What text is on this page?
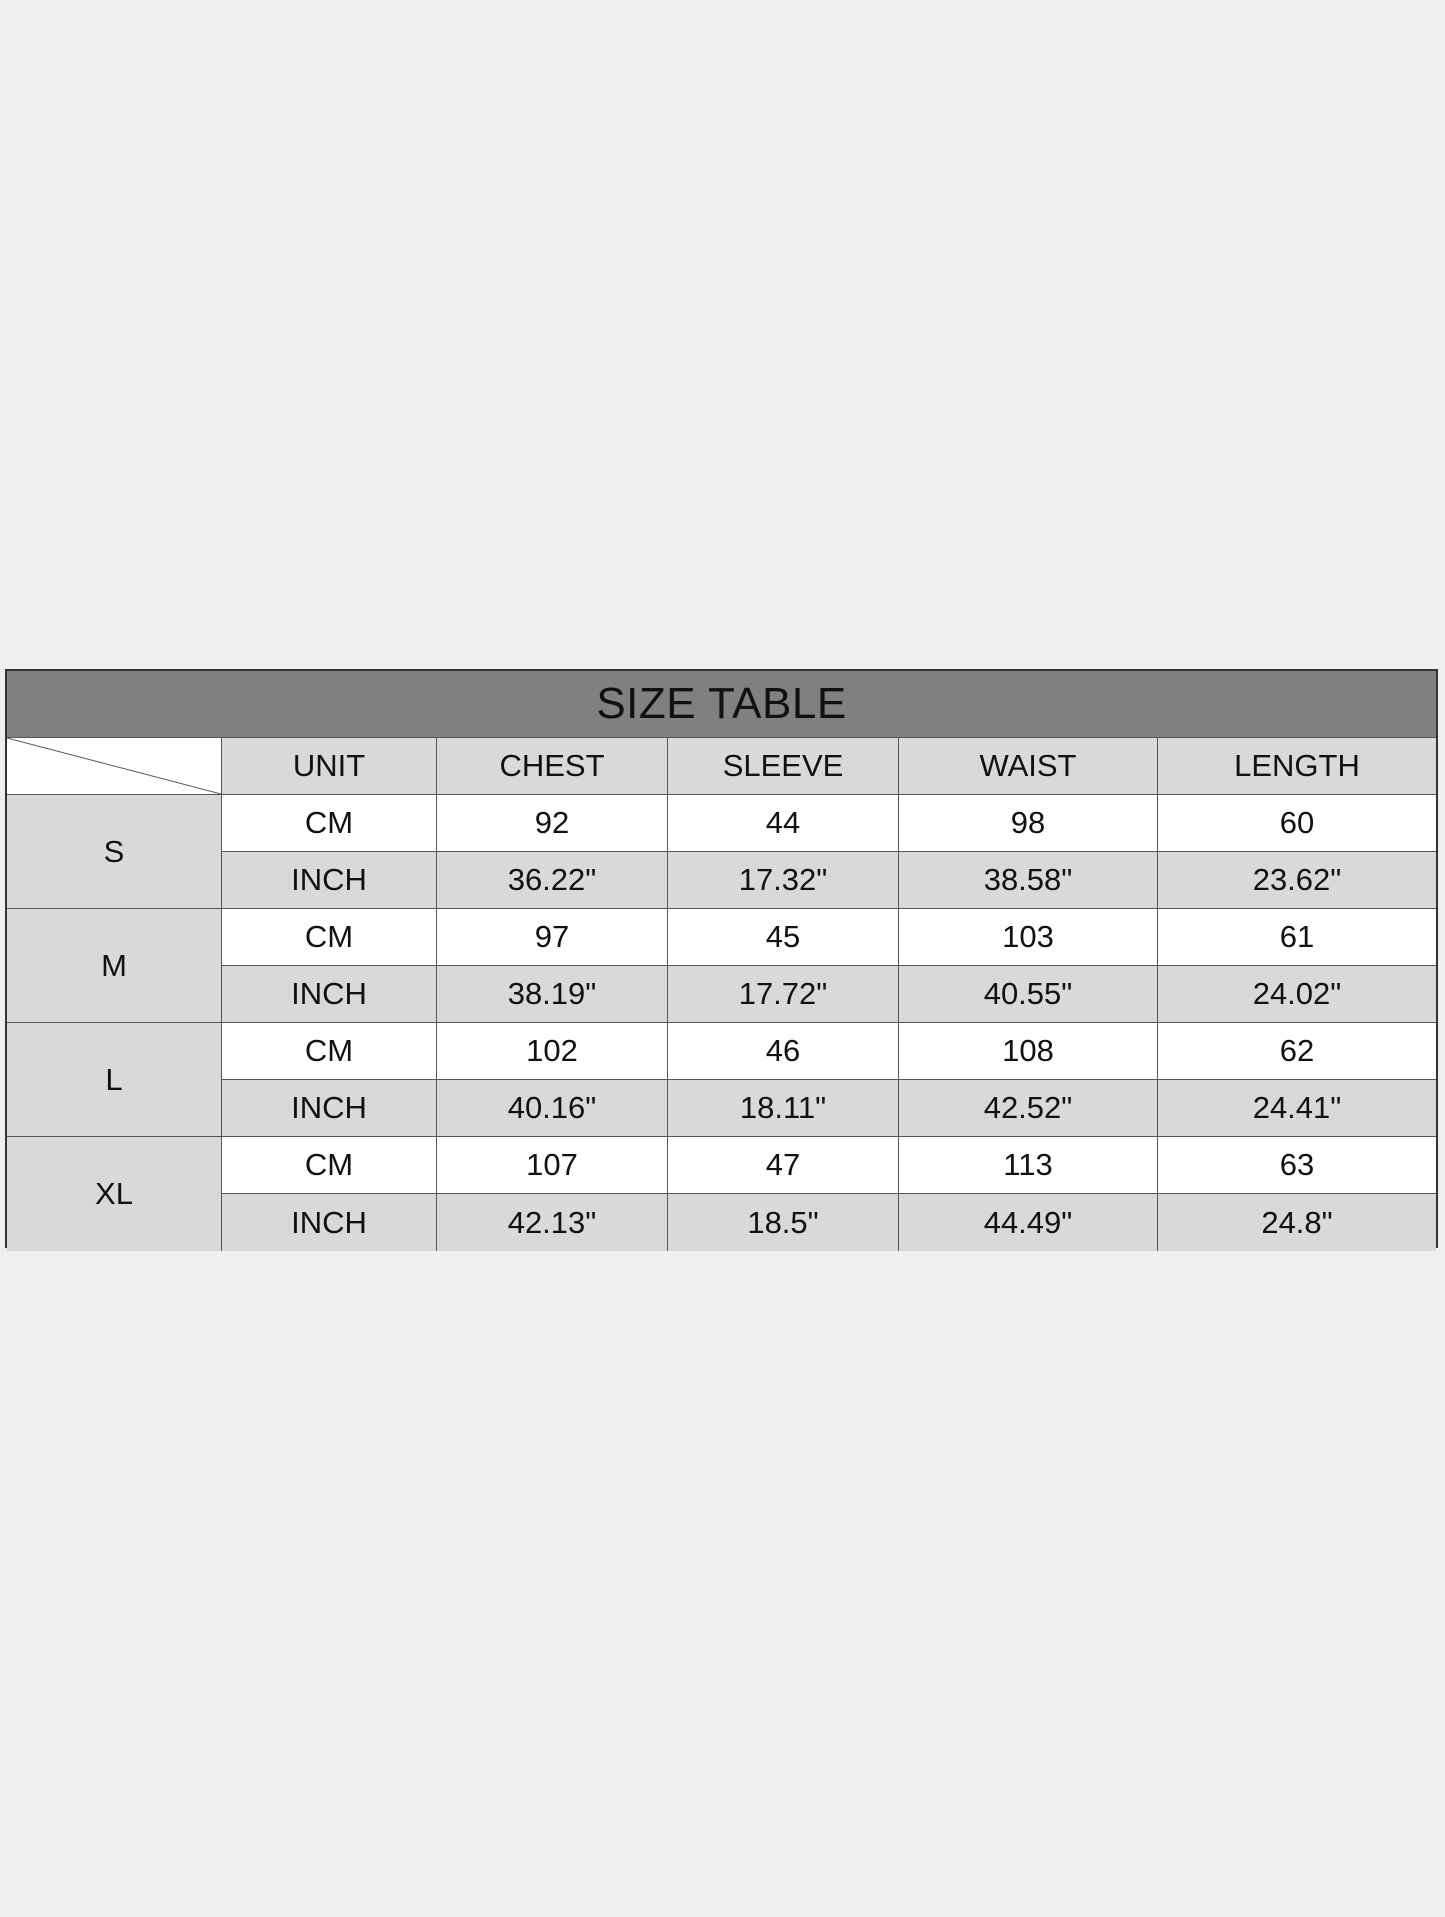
SIZE TABLE
UNIT	CHEST	SLEEVE	WAIST	LENGTH
S
CM	92	44	98	60
INCH	36.22"	17.32"	38.58"	23.62"
M
CM	97	45	103	61
INCH	38.19"	17.72"	40.55"	24.02"
L
CM	102	46	108	62
INCH	40.16"	18.11"	42.52"	24.41"
XL
CM	107	47	113	63
INCH	42.13"	18.5"	44.49"	24.8"
